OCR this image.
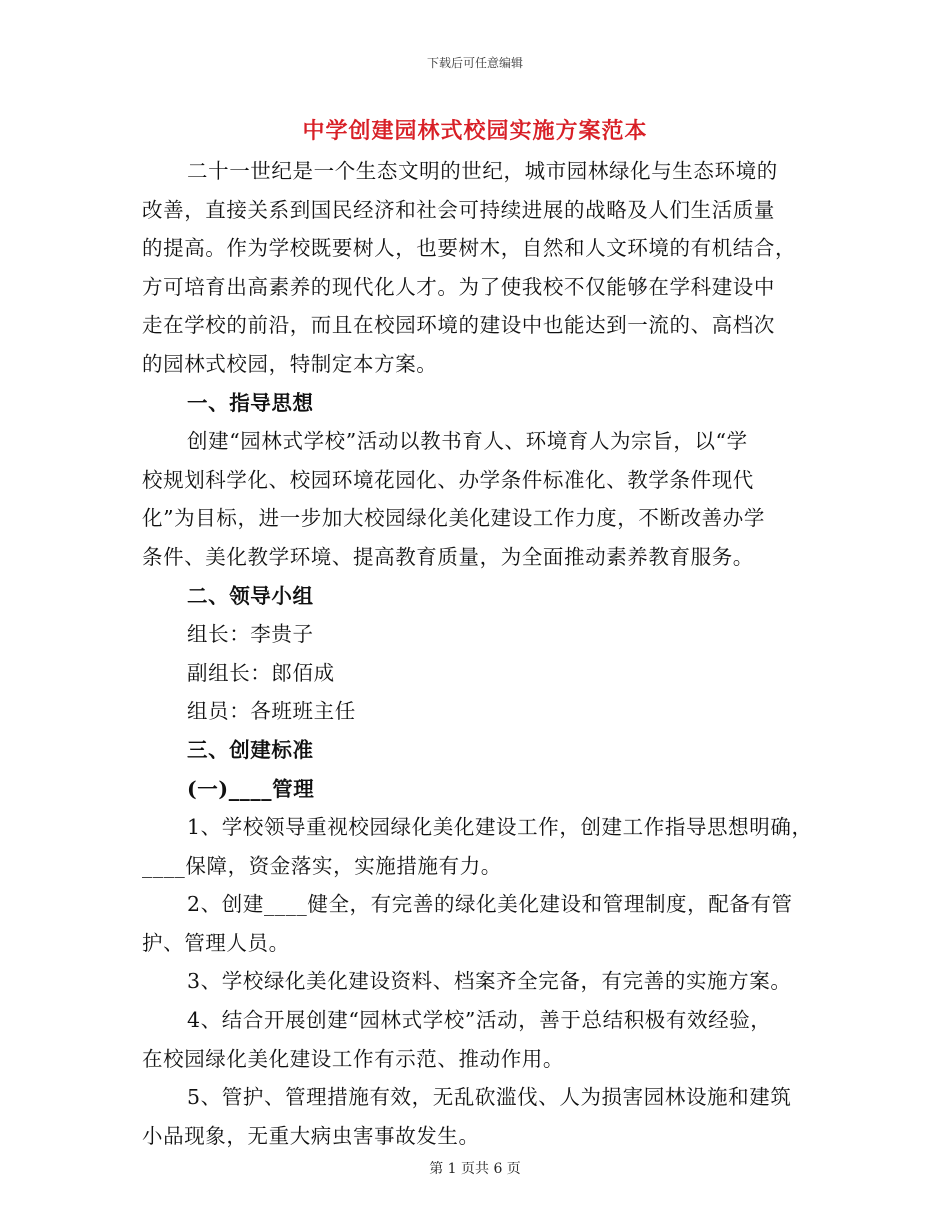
下载后可任意编辑
中学创建园林式校园实施方案范本
二十一世纪是一个生态文明的世纪，城市园林绿化与生态环境的
改善，直接关系到国民经济和社会可持续进展的战略及人们生活质量
的提高。作为学校既要树人，也要树木，自然和人文环境的有机结合，
方可培育出高素养的现代化人才。为了使我校不仅能够在学科建设中
走在学校的前沿，而且在校园环境的建设中也能达到一流的、高档次
的园林式校园，特制定本方案。
一、指导思想
创建“园林式学校”活动以教书育人、环境育人为宗旨，以“学
校规划科学化、校园环境花园化、办学条件标准化、教学条件现代
化”为目标，进一步加大校园绿化美化建设工作力度，不断改善办学
条件、美化教学环境、提高教育质量，为全面推动素养教育服务。
二、领导小组
组长：李贵子
副组长：郎佰成
组员：各班班主任
三、创建标准
(一)____管理
1、学校领导重视校园绿化美化建设工作，创建工作指导思想明确，
____保障，资金落实，实施措施有力。
2、创建____健全，有完善的绿化美化建设和管理制度，配备有管
护、管理人员。
3、学校绿化美化建设资料、档案齐全完备，有完善的实施方案。
4、结合开展创建“园林式学校”活动，善于总结积极有效经验，
在校园绿化美化建设工作有示范、推动作用。
5、管护、管理措施有效，无乱砍滥伐、人为损害园林设施和建筑
小品现象，无重大病虫害事故发生。
第 1 页共 6 页
